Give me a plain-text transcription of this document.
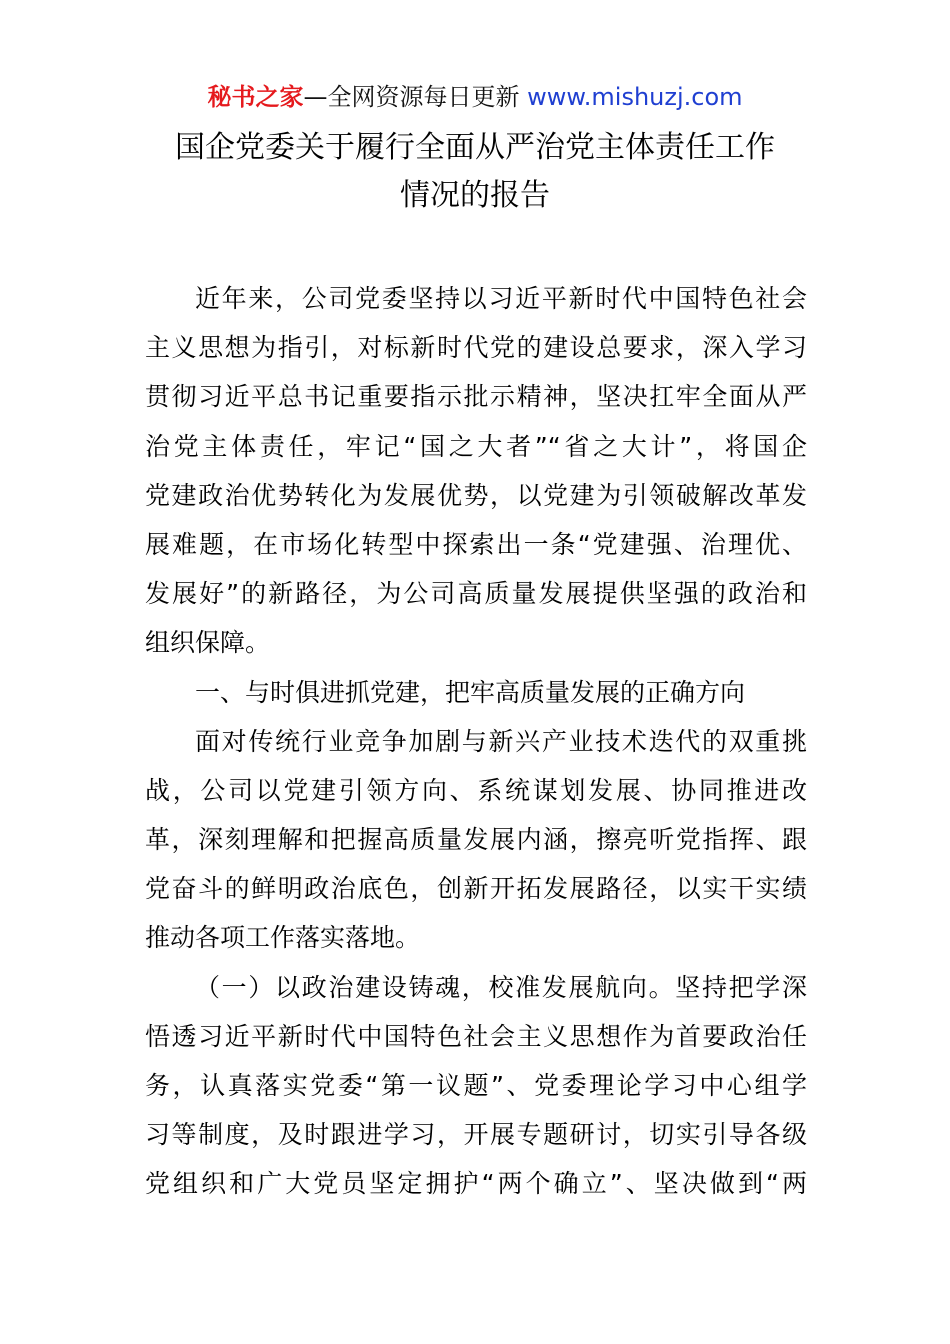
秘书之家—全网资源每日更新 www.mishuzj.com
国企党委关于履行全面从严治党主体责任工作
情况的报告
近年来，公司党委坚持以习近平新时代中国特色社会
主义思想为指引，对标新时代党的建设总要求，深入学习
贯彻习近平总书记重要指示批示精神，坚决扛牢全面从严
治党主体责任，牢记“国之大者”“省之大计”，将国企
党建政治优势转化为发展优势，以党建为引领破解改革发
展难题，在市场化转型中探索出一条“党建强、治理优、
发展好”的新路径，为公司高质量发展提供坚强的政治和
组织保障。
一、与时俱进抓党建，把牢高质量发展的正确方向
面对传统行业竞争加剧与新兴产业技术迭代的双重挑
战，公司以党建引领方向、系统谋划发展、协同推进改
革，深刻理解和把握高质量发展内涵，擦亮听党指挥、跟
党奋斗的鲜明政治底色，创新开拓发展路径，以实干实绩
推动各项工作落实落地。
（一）以政治建设铸魂，校准发展航向。坚持把学深
悟透习近平新时代中国特色社会主义思想作为首要政治任
务，认真落实党委“第一议题”、党委理论学习中心组学
习等制度，及时跟进学习，开展专题研讨，切实引导各级
党组织和广大党员坚定拥护“两个确立”、坚决做到“两
